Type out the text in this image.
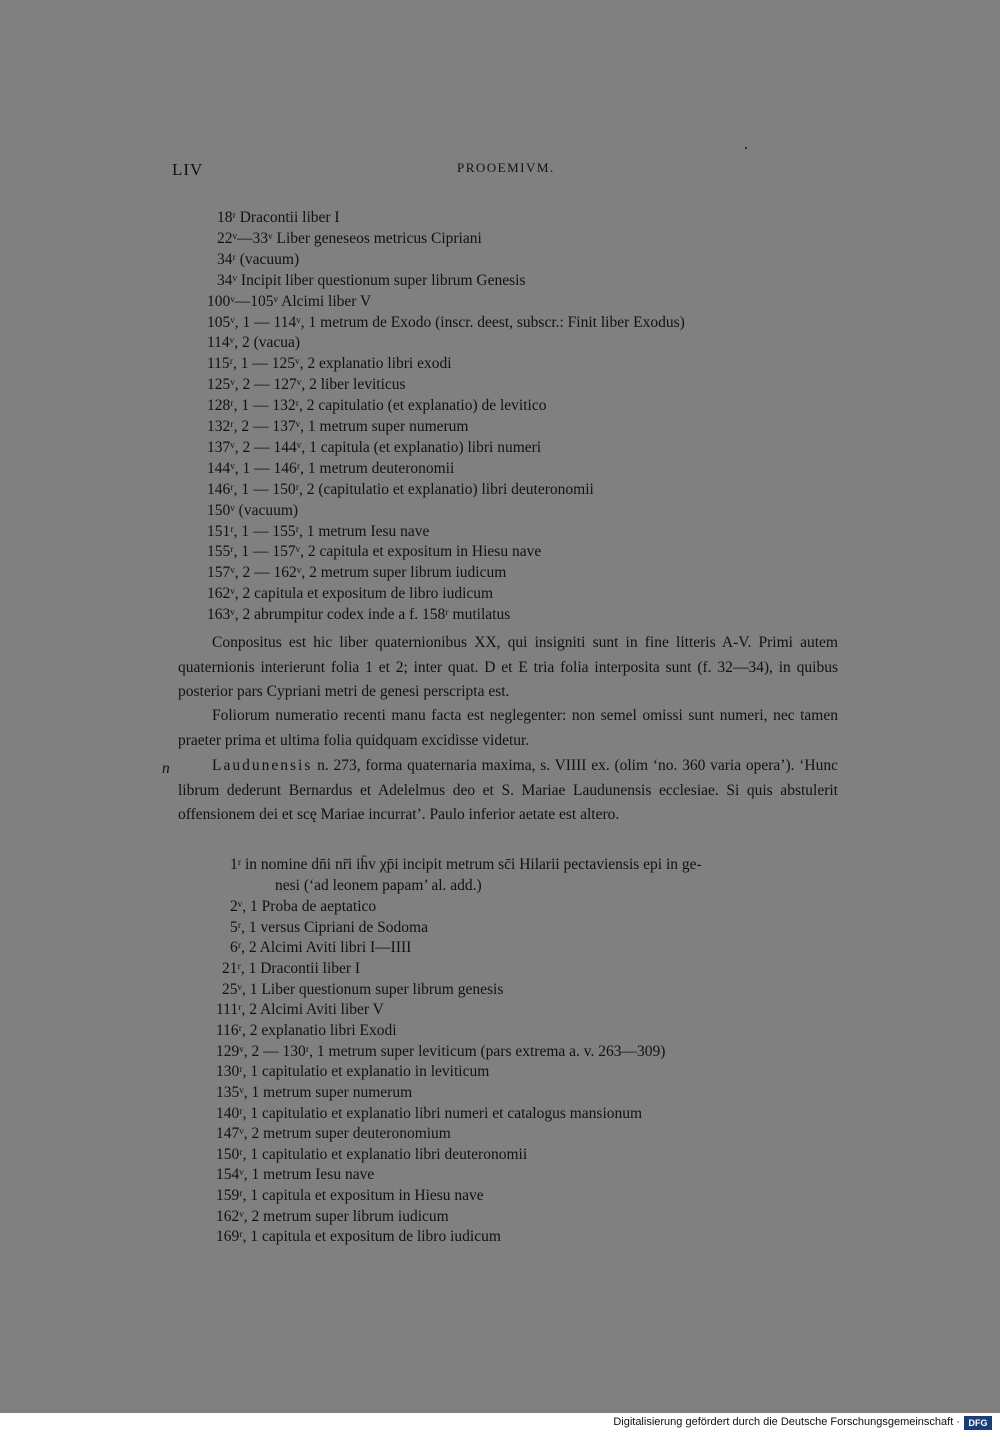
LIV	PROOEMIVM.
18ʳ Dracontii liber I
22ᵛ—33ᵛ Liber geneseos metricus Cipriani
34ʳ (vacuum)
34ᵛ Incipit liber questionum super librum Genesis
100ᵛ—105ᵛ Alcimi liber V
105ᵛ, 1 — 114ᵛ, 1 metrum de Exodo (inscr. deest, subscr.: Finit liber Exodus)
114ᵛ, 2 (vacua)
115ʳ, 1 — 125ᵛ, 2 explanatio libri exodi
125ᵛ, 2 — 127ᵛ, 2 liber leviticus
128ʳ, 1 — 132ʳ, 2 capitulatio (et explanatio) de levitico
132ʳ, 2 — 137ᵛ, 1 metrum super numerum
137ᵛ, 2 — 144ᵛ, 1 capitula (et explanatio) libri numeri
144ᵛ, 1 — 146ʳ, 1 metrum deuteronomii
146ʳ, 1 — 150ʳ, 2 (capitulatio et explanatio) libri deuteronomii
150ᵛ (vacuum)
151ʳ, 1 — 155ʳ, 1 metrum Iesu nave
155ʳ, 1 — 157ᵛ, 2 capitula et expositum in Hiesu nave
157ᵛ, 2 — 162ᵛ, 2 metrum super librum iudicum
162ᵛ, 2 capitula et expositum de libro iudicum
163ᵛ, 2 abrumpitur codex inde a f. 158ʳ mutilatus

Conpositus est hic liber quaternionibus XX, qui insigniti sunt in fine litteris A-V. Primi autem quaternionis interierunt folia 1 et 2; inter quat. D et E tria folia interposita sunt (f. 32—34), in quibus posterior pars Cypriani metri de genesi perscripta est.

Foliorum numeratio recenti manu facta est neglegenter: non semel omissi sunt numeri, nec tamen praeter prima et ultima folia quidquam excidisse videtur.

n	Laudunensis n. 273, forma quaternaria maxima, s. VIIII ex. (olim ‘no. 360 varia opera’). ‘Hunc librum dederunt Bernardus et Adelelmus deo et S. Mariae Laudunensis ecclesiae. Si quis abstulerit offensionem dei et scę Mariae incurrat’. Paulo inferior aetate est altero.

1ʳ in nomine dn̄i nr̄i ih̄v χp̄i incipit metrum sc̄i Hilarii pectaviensis epi in ge-
nesi (‘ad leonem papam’ al. add.)
2ᵛ, 1 Proba de aeptatico
5ʳ, 1 versus Cipriani de Sodoma
6ʳ, 2 Alcimi Aviti libri I—IIII
21ʳ, 1 Dracontii liber I
25ᵛ, 1 Liber questionum super librum genesis
111ʳ, 2 Alcimi Aviti liber V
116ʳ, 2 explanatio libri Exodi
129ᵛ, 2 — 130ʳ, 1 metrum super leviticum (pars extrema a. v. 263—309)
130ʳ, 1 capitulatio et explanatio in leviticum
135ᵛ, 1 metrum super numerum
140ʳ, 1 capitulatio et explanatio libri numeri et catalogus mansionum
147ᵛ, 2 metrum super deuteronomium
150ʳ, 1 capitulatio et explanatio libri deuteronomii
154ᵛ, 1 metrum Iesu nave
159ʳ, 1 capitula et expositum in Hiesu nave
162ᵛ, 2 metrum super librum iudicum
169ʳ, 1 capitula et expositum de libro iudicum
Digitalisierung gefördert durch die Deutsche Forschungsgemeinschaft · DFG
